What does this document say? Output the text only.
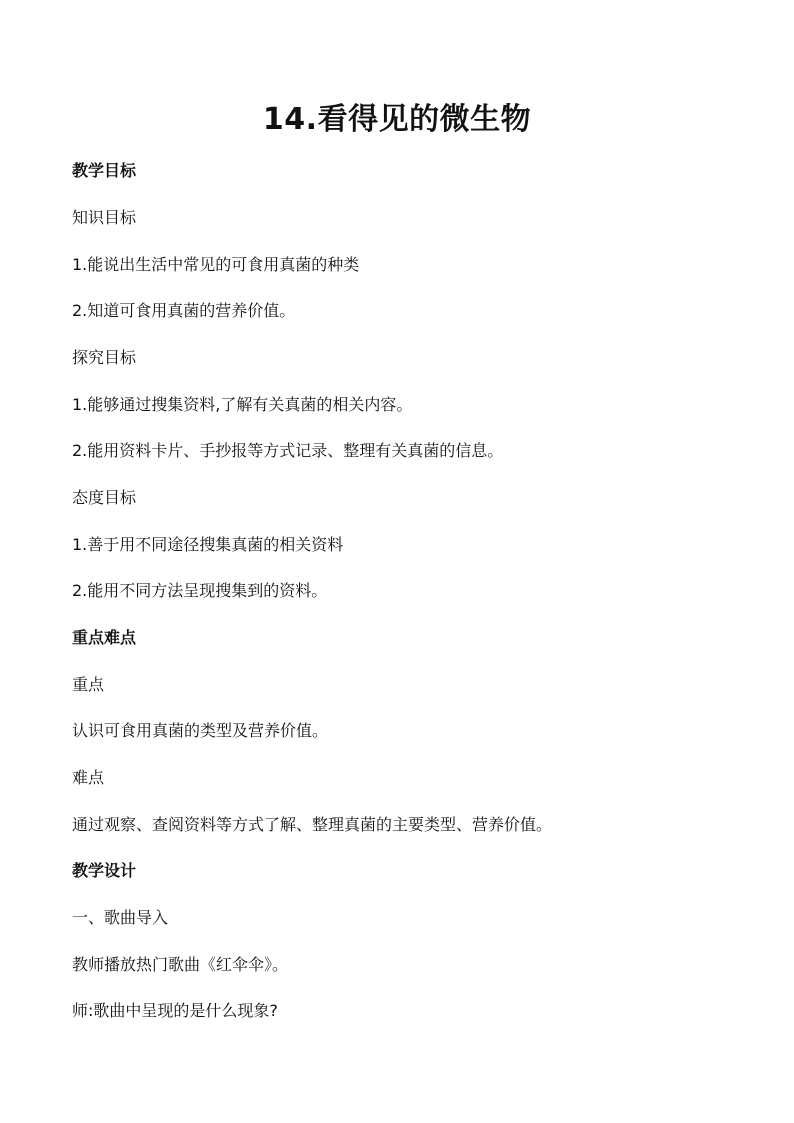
14.看得见的微生物

教学目标

知识目标

1.能说出生活中常见的可食用真菌的种类

2.知道可食用真菌的营养价值。

探究目标

1.能够通过搜集资料,了解有关真菌的相关内容。

2.能用资料卡片、手抄报等方式记录、整理有关真菌的信息。

态度目标

1.善于用不同途径搜集真菌的相关资料

2.能用不同方法呈现搜集到的资料。

重点难点

重点

认识可食用真菌的类型及营养价值。

难点

通过观察、查阅资料等方式了解、整理真菌的主要类型、营养价值。

教学设计

一、歌曲导入

教师播放热门歌曲《红伞伞》。

师:歌曲中呈现的是什么现象?
